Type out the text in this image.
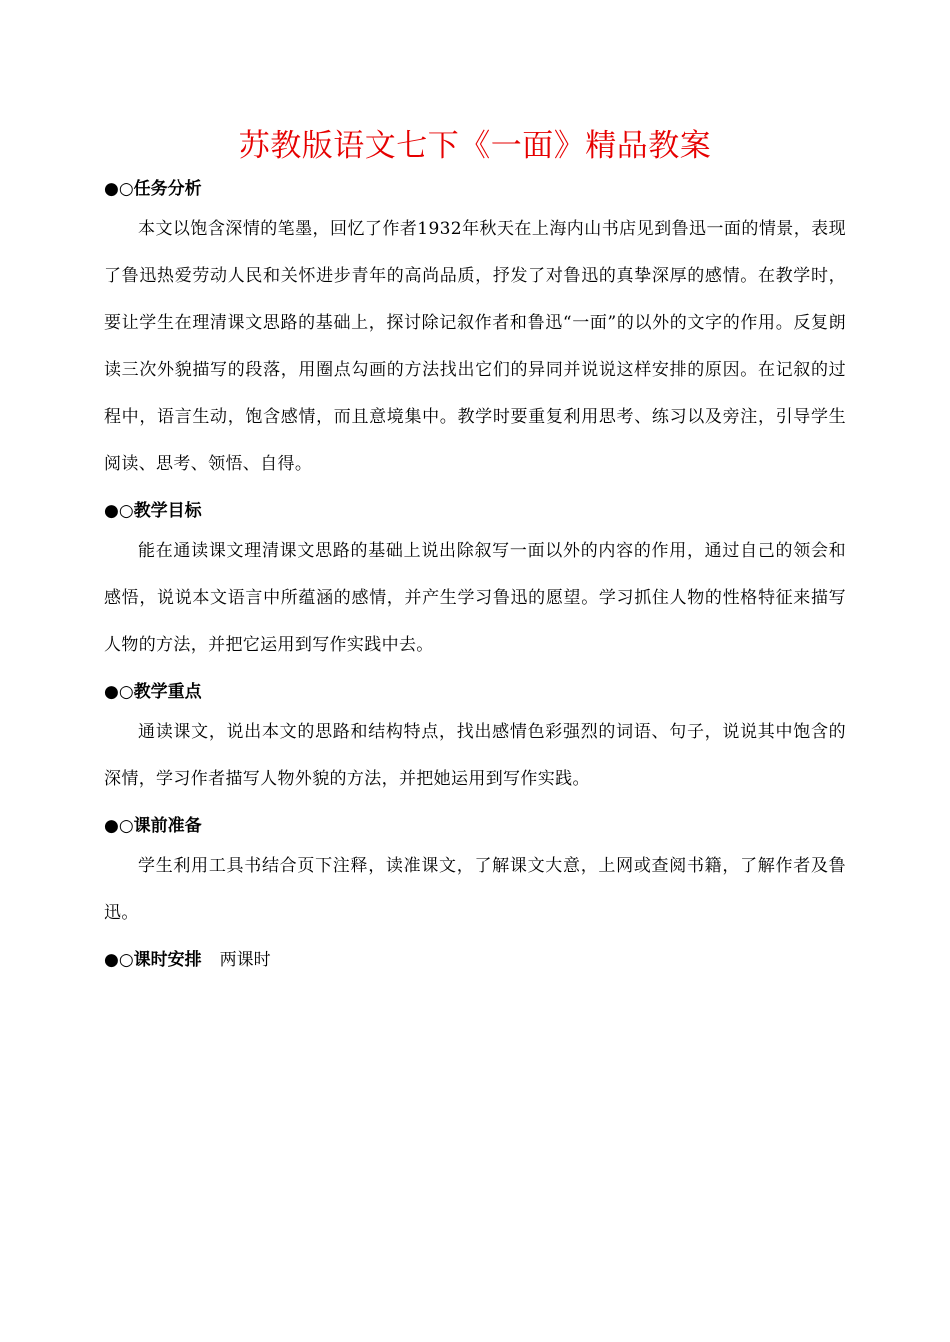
苏教版语文七下《一面》精品教案
●○任务分析

本文以饱含深情的笔墨，回忆了作者1932年秋天在上海内山书店见到鲁迅一面的情景，表现了鲁迅热爱劳动人民和关怀进步青年的高尚品质，抒发了对鲁迅的真挚深厚的感情。在教学时，要让学生在理清课文思路的基础上，探讨除记叙作者和鲁迅“一面”的以外的文字的作用。反复朗读三次外貌描写的段落，用圈点勾画的方法找出它们的异同并说说这样安排的原因。在记叙的过程中，语言生动，饱含感情，而且意境集中。教学时要重复利用思考、练习以及旁注，引导学生阅读、思考、领悟、自得。

●○教学目标

能在通读课文理清课文思路的基础上说出除叙写一面以外的内容的作用，通过自己的领会和感悟，说说本文语言中所蕴涵的感情，并产生学习鲁迅的愿望。学习抓住人物的性格特征来描写人物的方法，并把它运用到写作实践中去。

●○教学重点

通读课文，说出本文的思路和结构特点，找出感情色彩强烈的词语、句子，说说其中饱含的深情，学习作者描写人物外貌的方法，并把她运用到写作实践。

●○课前准备

学生利用工具书结合页下注释，读准课文，了解课文大意，上网或查阅书籍，了解作者及鲁迅。

●○课时安排 两课时
